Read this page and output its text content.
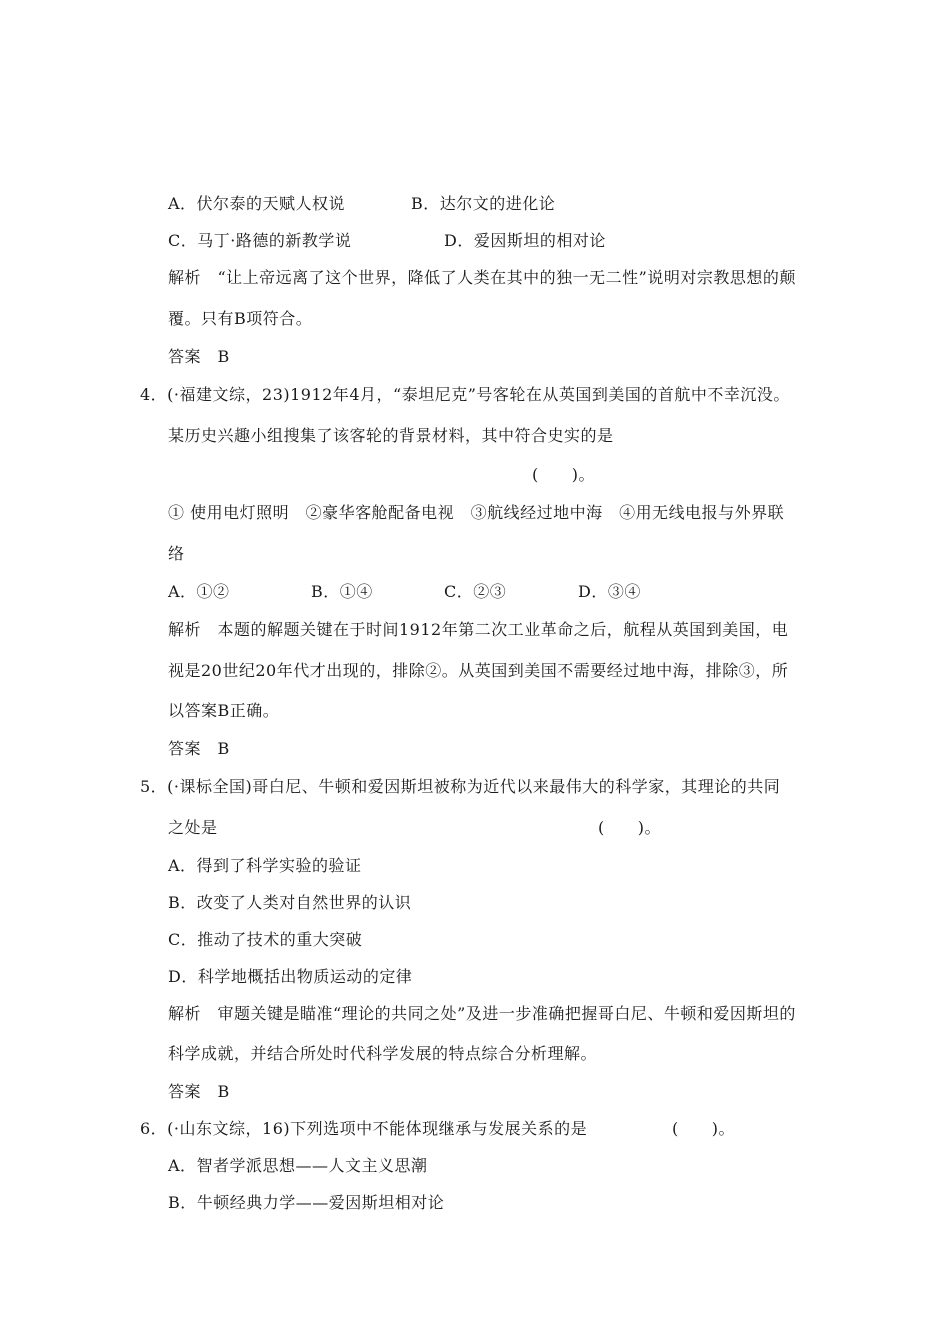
A．伏尔泰的天赋人权说	B．达尔文的进化论
C．马丁·路德的新教学说	D．爱因斯坦的相对论
解析　“让上帝远离了这个世界，降低了人类在其中的独一无二性”说明对宗教思想的颠
覆。只有B项符合。
答案　B
4．(·福建文综，23)1912年4月，“泰坦尼克”号客轮在从英国到美国的首航中不幸沉没。
某历史兴趣小组搜集了该客轮的背景材料，其中符合史实的是
(　　)。
① 使用电灯照明　②豪华客舱配备电视　③航线经过地中海　④用无线电报与外界联
络
A．①②	B．①④	C．②③	D．③④
解析　本题的解题关键在于时间1912年第二次工业革命之后，航程从英国到美国，电
视是20世纪20年代才出现的，排除②。从英国到美国不需要经过地中海，排除③，所
以答案B正确。
答案　B
5．(·课标全国)哥白尼、牛顿和爱因斯坦被称为近代以来最伟大的科学家，其理论的共同
之处是	(　　)。
A．得到了科学实验的验证
B．改变了人类对自然世界的认识
C．推动了技术的重大突破
D．科学地概括出物质运动的定律
解析　审题关键是瞄准“理论的共同之处”及进一步准确把握哥白尼、牛顿和爱因斯坦的
科学成就，并结合所处时代科学发展的特点综合分析理解。
答案　B
6．(·山东文综，16)下列选项中不能体现继承与发展关系的是	(　　)。
A．智者学派思想——人文主义思潮
B．牛顿经典力学——爱因斯坦相对论
